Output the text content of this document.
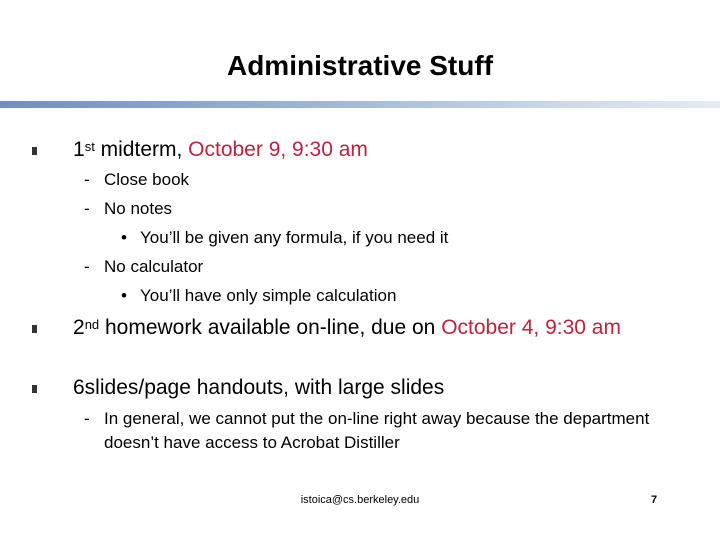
Administrative Stuff
1st midterm, October 9, 9:30 am
- Close book
- No notes
• You’ll be given any formula, if you need it
- No calculator
• You’ll have only simple calculation
2nd homework available on-line, due on October 4, 9:30 am
6slides/page handouts, with large slides
- In general, we cannot put the on-line right away because the department doesn’t have access to Acrobat Distiller
istoica@cs.berkeley.edu	7
